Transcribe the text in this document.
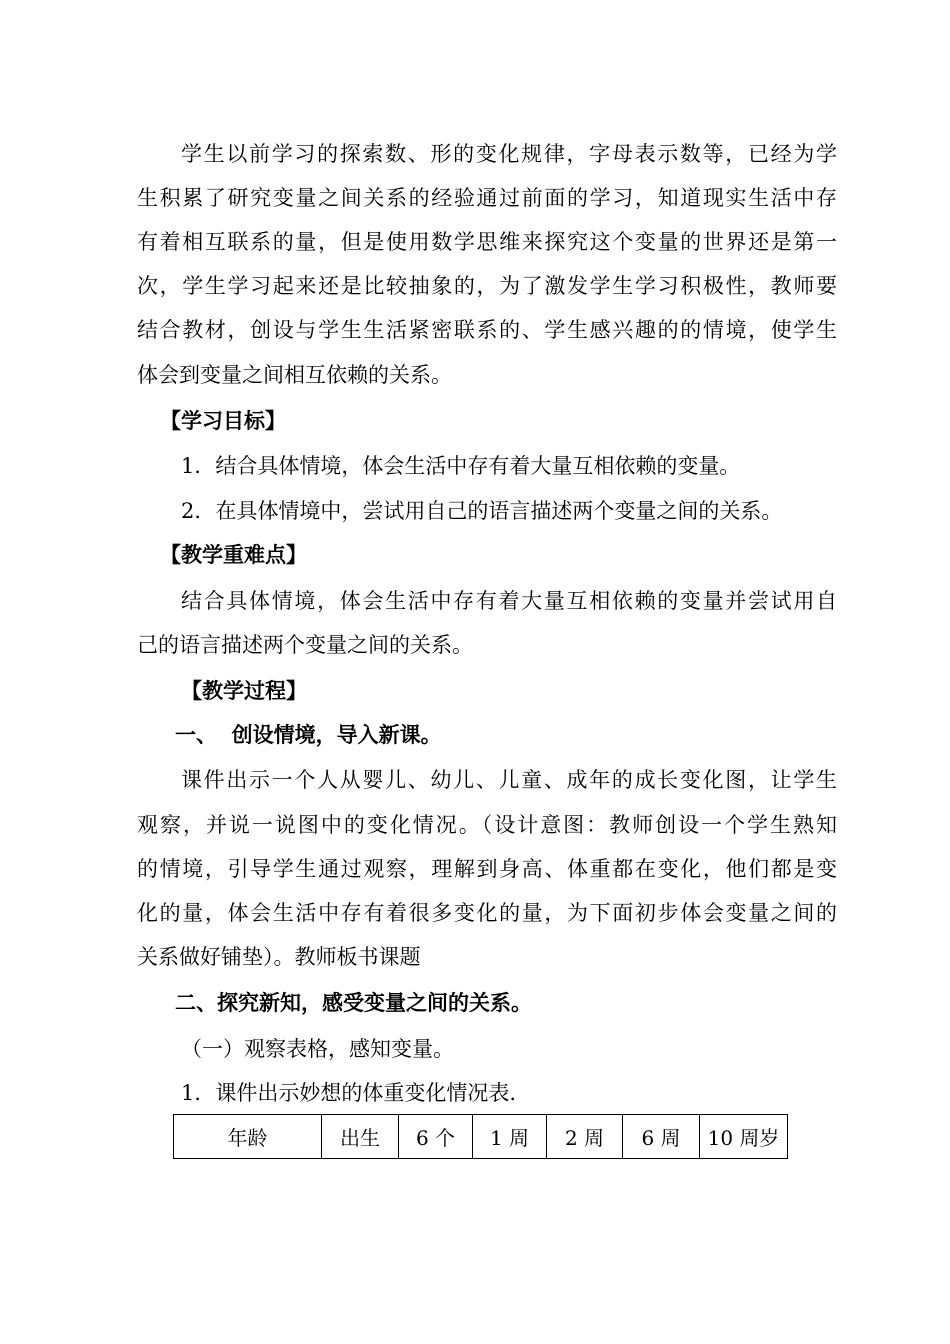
学生以前学习的探索数、形的变化规律，字母表示数等，已经为学
生积累了研究变量之间关系的经验通过前面的学习，知道现实生活中存
有着相互联系的量，但是使用数学思维来探究这个变量的世界还是第一
次，学生学习起来还是比较抽象的，为了激发学生学习积极性，教师要
结合教材，创设与学生生活紧密联系的、学生感兴趣的的情境，使学生
体会到变量之间相互依赖的关系。
【学习目标】
1．结合具体情境，体会生活中存有着大量互相依赖的变量。
2．在具体情境中，尝试用自己的语言描述两个变量之间的关系。
【教学重难点】
结合具体情境，体会生活中存有着大量互相依赖的变量并尝试用自
己的语言描述两个变量之间的关系。
【教学过程】
一、  创设情境，导入新课。
课件出示一个人从婴儿、幼儿、儿童、成年的成长变化图，让学生
观察，并说一说图中的变化情况。（设计意图：教师创设一个学生熟知
的情境，引导学生通过观察，理解到身高、体重都在变化，他们都是变
化的量，体会生活中存有着很多变化的量，为下面初步体会变量之间的
关系做好铺垫）。教师板书课题
二、探究新知，感受变量之间的关系。
（一）观察表格，感知变量。
1．课件出示妙想的体重变化情况表.
年龄	出生	6 个	1 周	2 周	6 周	10 周岁
